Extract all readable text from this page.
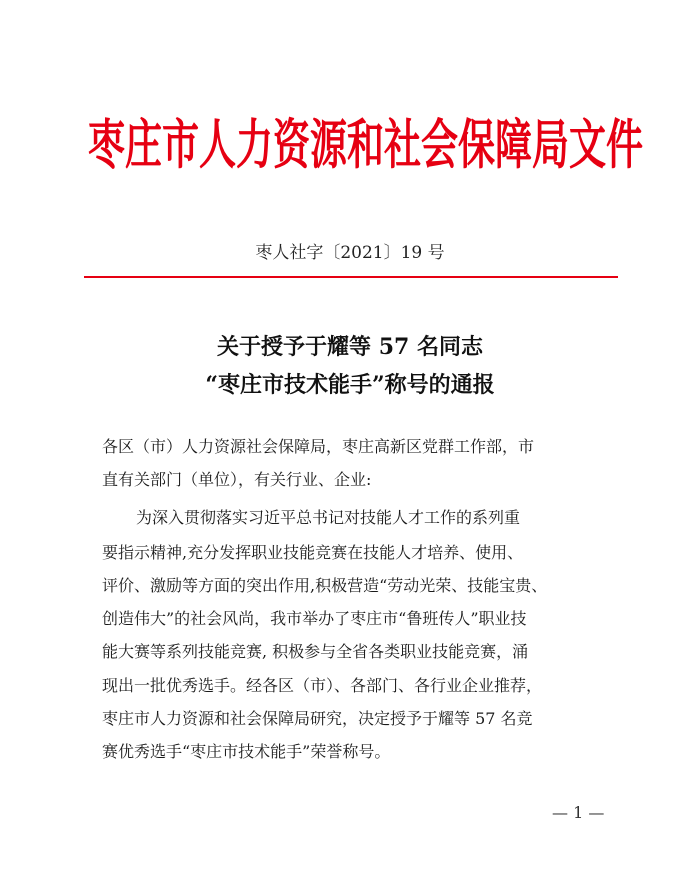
枣庄市人力资源和社会保障局文件
枣人社字〔2021〕19 号
关于授予于耀等 57 名同志
“枣庄市技术能手”称号的通报
各区（市）人力资源社会保障局，枣庄高新区党群工作部，市
直有关部门（单位），有关行业、企业:
为深入贯彻落实习近平总书记对技能人才工作的系列重
要指示精神,充分发挥职业技能竞赛在技能人才培养、使用、
评价、激励等方面的突出作用,积极营造“劳动光荣、技能宝贵、
创造伟大”的社会风尚，我市举办了枣庄市“鲁班传人”职业技
能大赛等系列技能竞赛, 积极参与全省各类职业技能竞赛，涌
现出一批优秀选手。经各区（市）、各部门、各行业企业推荐，
枣庄市人力资源和社会保障局研究，决定授予于耀等 57 名竞
赛优秀选手“枣庄市技术能手”荣誉称号。
— 1 —
